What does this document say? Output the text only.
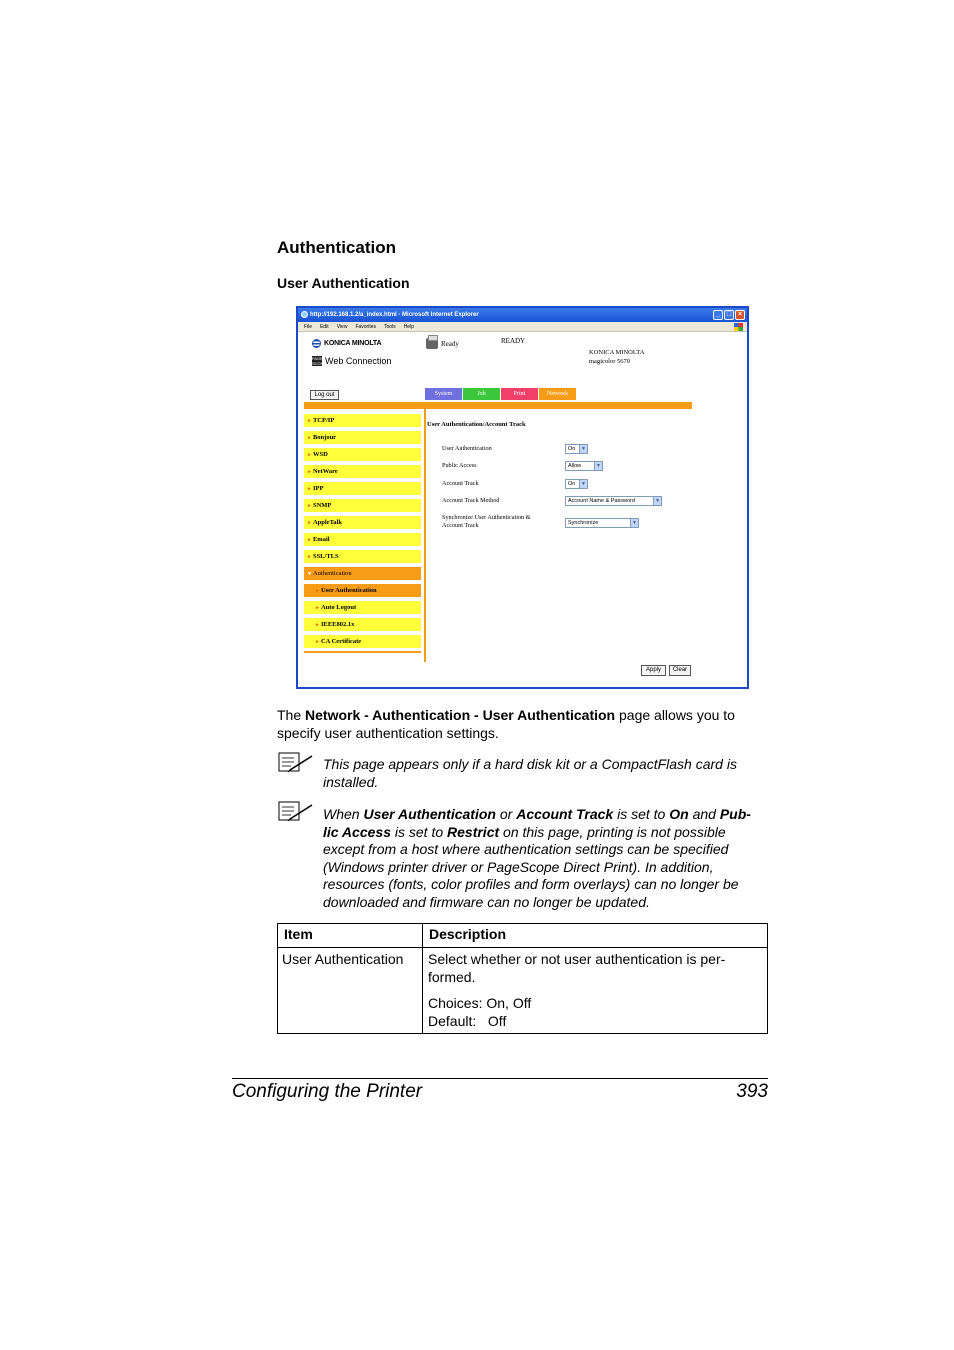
Authentication
User Authentication
http://192.168.1.2/a_index.html - Microsoft Internet Explorer	_ □ ×
File Edit View Favorites Tools Help
KONICA MINOLTA
PAGE SCOPE
Web Connection
Ready	READY
KONICA MINOLTA
magicolor 5670
Log out	System	Job	Print	Network
►TCP/IP
►Bonjour
►WSD
►NetWare
►IPP
►SNMP
►AppleTalk
►Email
►SSL/TLS
▼Authentication
►User Authentication
►Auto Logout
►IEEE802.1x
►CA Certificate
User Authentication/Account Track
User Authentication	On	▼
Public Access	Allow	▼
Account Track	On	▼
Account Track Method	Account Name & Password	▼
Synchronize User Authentication &
Account Track	Synchronize	▼
Apply	Clear
The Network - Authentication - User Authentication page allows you to specify user authentication settings.
This page appears only if a hard disk kit or a CompactFlash card is installed.
When User Authentication or Account Track is set to On and Pub-lic Access is set to Restrict on this page, printing is not possible except from a host where authentication settings can be specified (Windows printer driver or PageScope Direct Print). In addition, resources (fonts, color profiles and form overlays) can no longer be downloaded and firmware can no longer be updated.
Item	Description
User Authentication	Select whether or not user authentication is per-formed.
Choices: On, Off
Default:   Off
Configuring the Printer	393
